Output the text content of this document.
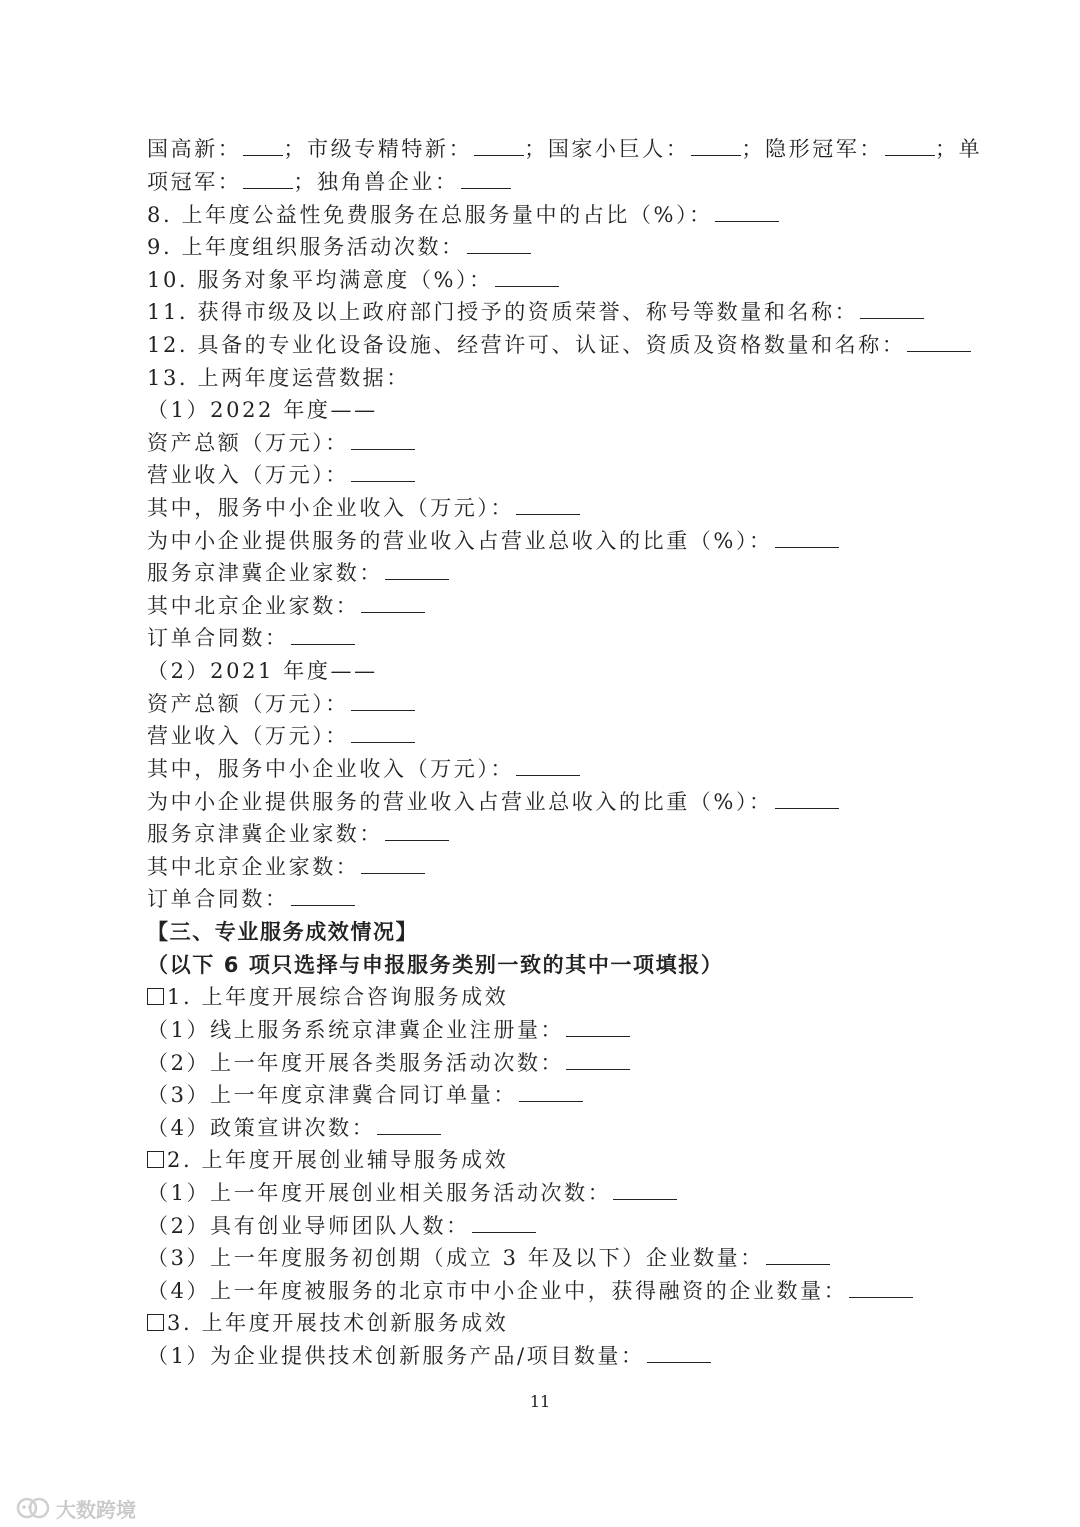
国高新： ；市级专精特新： ；国家小巨人： ；隐形冠军： ；单
项冠军： ；独角兽企业：
8. 上年度公益性免费服务在总服务量中的占比（%）：
9. 上年度组织服务活动次数：
10. 服务对象平均满意度（%）：
11. 获得市级及以上政府部门授予的资质荣誉、称号等数量和名称：
12. 具备的专业化设备设施、经营许可、认证、资质及资格数量和名称：
13. 上两年度运营数据：
（1）2022 年度——
资产总额（万元）：
营业收入（万元）：
其中，服务中小企业收入（万元）：
为中小企业提供服务的营业收入占营业总收入的比重（%）：
服务京津冀企业家数：
其中北京企业家数：
订单合同数：
（2）2021 年度——
资产总额（万元）：
营业收入（万元）：
其中，服务中小企业收入（万元）：
为中小企业提供服务的营业收入占营业总收入的比重（%）：
服务京津冀企业家数：
其中北京企业家数：
订单合同数：
【三、专业服务成效情况】
（以下 6 项只选择与申报服务类别一致的其中一项填报）
1. 上年度开展综合咨询服务成效
（1）线上服务系统京津冀企业注册量：
（2）上一年度开展各类服务活动次数：
（3）上一年度京津冀合同订单量：
（4）政策宣讲次数：
2. 上年度开展创业辅导服务成效
（1）上一年度开展创业相关服务活动次数：
（2）具有创业导师团队人数：
（3）上一年度服务初创期（成立 3 年及以下）企业数量：
（4）上一年度被服务的北京市中小企业中，获得融资的企业数量：
3. 上年度开展技术创新服务成效
（1）为企业提供技术创新服务产品/项目数量：
11
大数跨境
